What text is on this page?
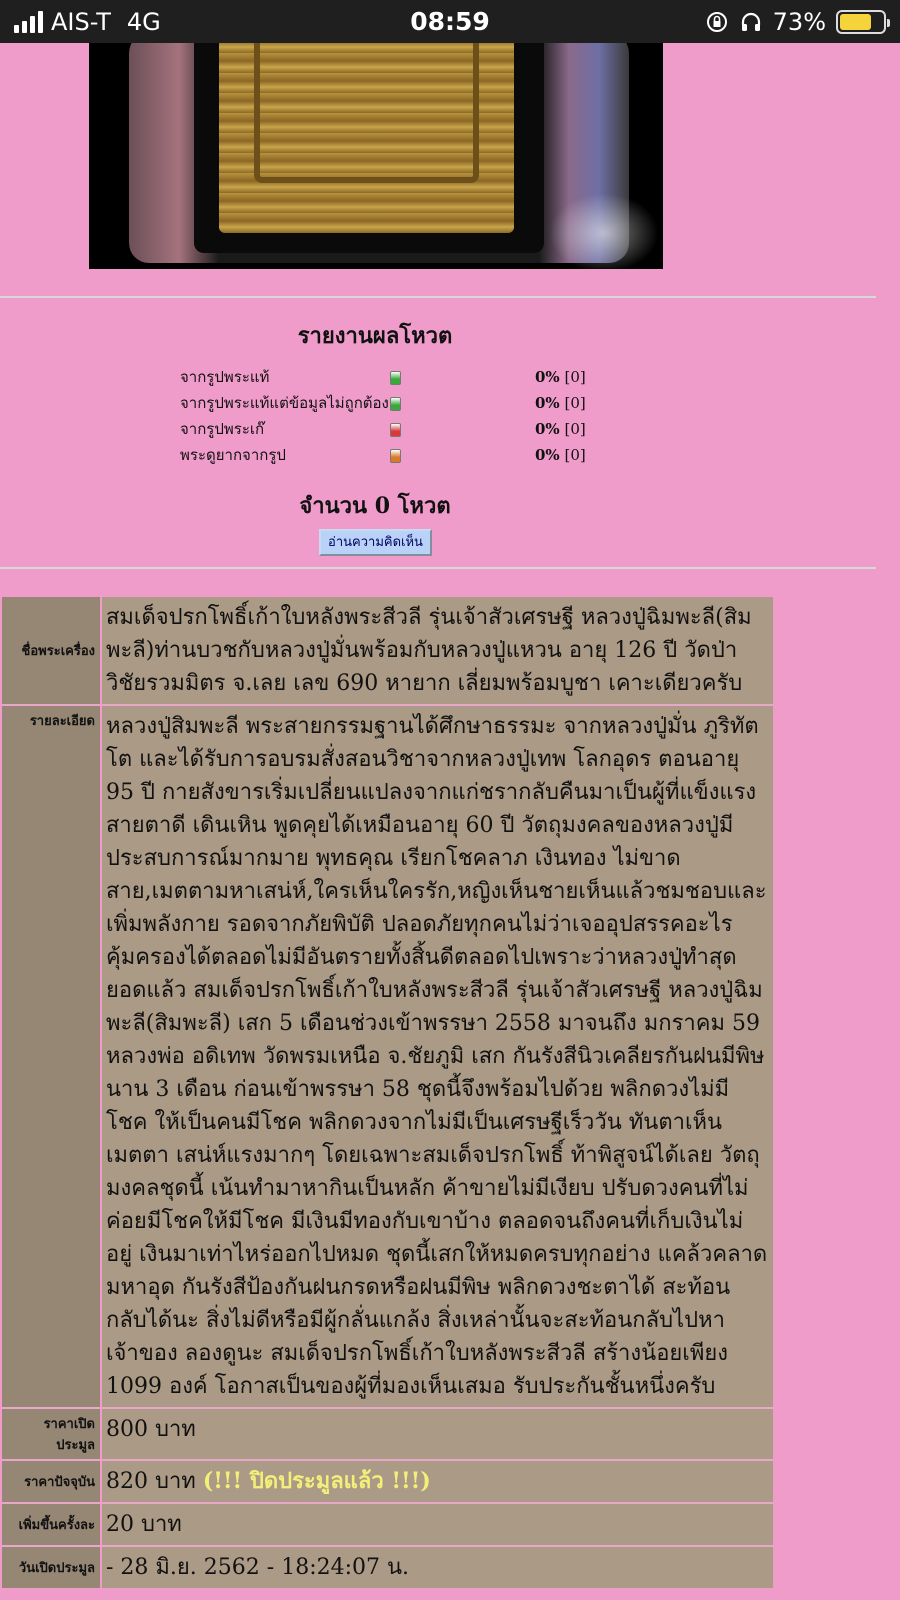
AIS-T 4G	08:59	73%
รายงานผลโหวต
จากรูปพระแท้		0% [0]
จากรูปพระแท้แต่ข้อมูลไม่ถูกต้อง		0% [0]
จากรูปพระเก๊		0% [0]
พระดูยากจากรูป		0% [0]
จำนวน 0 โหวต
อ่านความคิดเห็น
ชื่อพระเครื่อง	สมเด็จปรกโพธิ์เก้าใบหลังพระสีวลี รุ่นเจ้าสัวเศรษฐี หลวงปู่ฉิมพะลี(สิมพะลี)ท่านบวชกับหลวงปู่มั่นพร้อมกับหลวงปู่แหวน อายุ 126 ปี วัดป่าวิชัยรวมมิตร จ.เลย เลข 690 หายาก เลี่ยมพร้อมบูชา เคาะเดียวครับ
รายละเอียด	หลวงปู่สิมพะลี พระสายกรรมฐานได้ศึกษาธรรมะ จากหลวงปู่มั่น ภูริทัตโต และได้รับการอบรมสั่งสอนวิชาจากหลวงปู่เทพ โลกอุดร ตอนอายุ 95 ปี กายสังขารเริ่มเปลี่ยนแปลงจากแก่ชรากลับคืนมาเป็นผู้ที่แข็งแรง สายตาดี เดินเหิน พูดคุยได้เหมือนอายุ 60 ปี วัตถุมงคลของหลวงปู่มีประสบการณ์มากมาย พุทธคุณ เรียกโชคลาภ เงินทอง ไม่ขาดสาย,เมตตามหาเสน่ห์,ใครเห็นใครรัก,หญิงเห็นชายเห็นแล้วชมชอบและเพิ่มพลังกาย รอดจากภัยพิบัติ ปลอดภัยทุกคนไม่ว่าเจออุปสรรคอะไรคุ้มครองได้ตลอดไม่มีอันตรายทั้งสิ้นดีตลอดไปเพราะว่าหลวงปู่ทำสุดยอดแล้ว สมเด็จปรกโพธิ์เก้าใบหลังพระสีวลี รุ่นเจ้าสัวเศรษฐี หลวงปู่ฉิมพะลี(สิมพะลี) เสก 5 เดือนช่วงเข้าพรรษา 2558 มาจนถึง มกราคม 59 หลวงพ่อ อดิเทพ วัดพรมเหนือ จ.ชัยภูมิ เสก กันรังสีนิวเคลียรกันฝนมีพิษ นาน 3 เดือน ก่อนเข้าพรรษา 58 ชุดนี้จึงพร้อมไปด้วย พลิกดวงไม่มีโชค ให้เป็นคนมีโชค พลิกดวงจากไม่มีเป็นเศรษฐีเร็ววัน ทันตาเห็น เมตตา เสน่ห์แรงมากๆ โดยเฉพาะสมเด็จปรกโพธิ์ ท้าพิสูจน์ได้เลย วัตถุมงคลชุดนี้ เน้นทำมาหากินเป็นหลัก ค้าขายไม่มีเงียบ ปรับดวงคนที่ไม่ค่อยมีโชคให้มีโชค มีเงินมีทองกับเขาบ้าง ตลอดจนถึงคนที่เก็บเงินไม่อยู่ เงินมาเท่าไหร่ออกไปหมด ชุดนี้เสกให้หมดครบทุกอย่าง แคล้วคลาด มหาอุด กันรังสีป้องกันฝนกรดหรือฝนมีพิษ พลิกดวงชะตาได้ สะท้อนกลับได้นะ สิ่งไม่ดีหรือมีผู้กลั่นแกล้ง สิ่งเหล่านั้นจะสะท้อนกลับไปหาเจ้าของ ลองดูนะ สมเด็จปรกโพธิ์เก้าใบหลังพระสีวลี สร้างน้อยเพียง 1099 องค์ โอกาสเป็นของผู้ที่มองเห็นเสมอ รับประกันชั้นหนึ่งครับ
ราคาเปิดประมูล	800 บาท
ราคาปัจจุบัน	820 บาท (!!! ปิดประมูลแล้ว !!!)
เพิ่มขึ้นครั้งละ	20 บาท
วันเปิดประมูล	- 28 มิ.ย. 2562 - 18:24:07 น.
